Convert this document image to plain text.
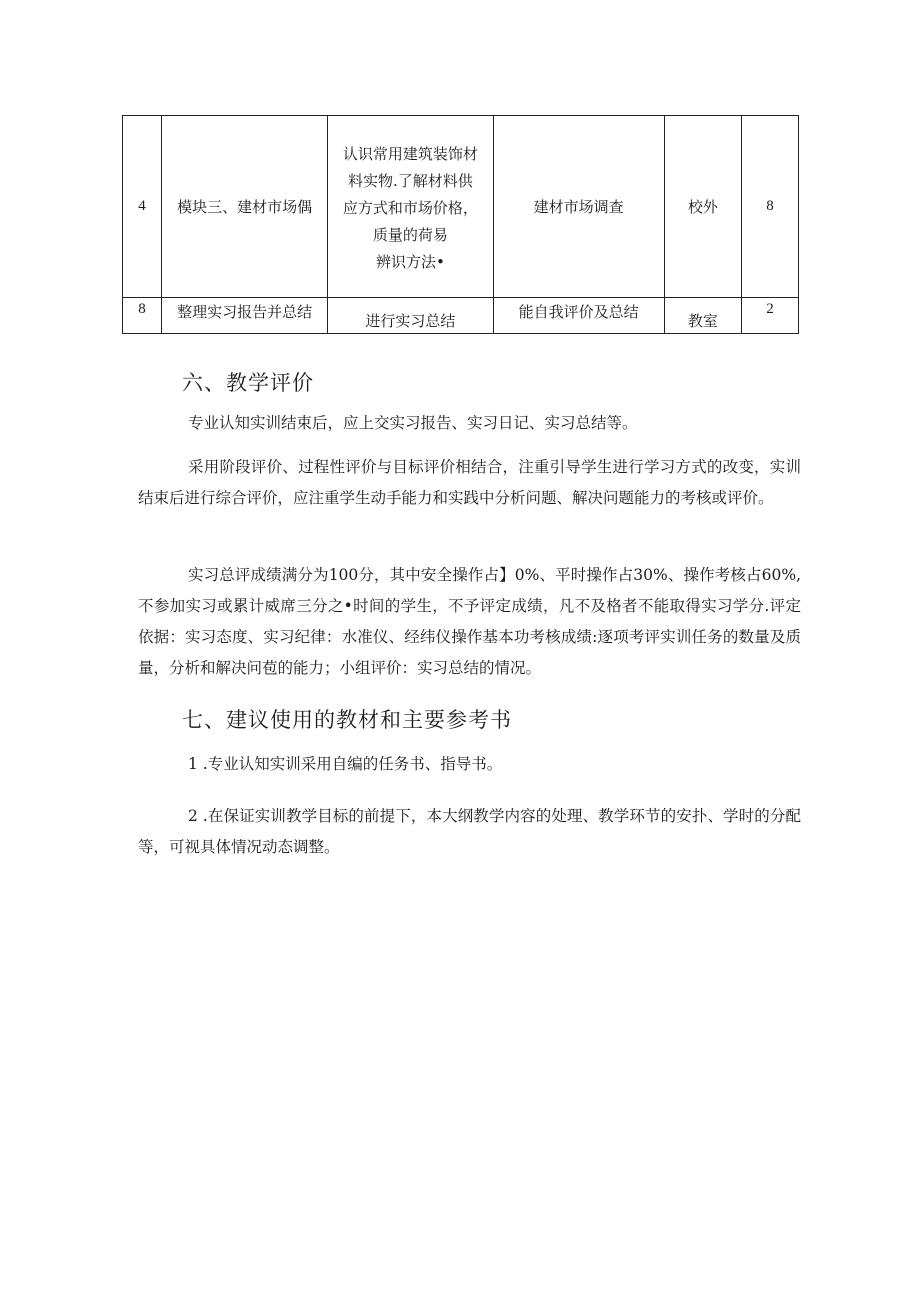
4	模块三、建材市场偶	认识常用建筑装饰材
料实物.了解材料供
应方式和市场价格，
质量的荷易
辨识方法•	建材市场调查	校外	8
8	整理实习报告并总结	进行实习总结	能自我评价及总结	教室	2
六、教学评价

专业认知实训结束后，应上交实习报告、实习日记、实习总结等。

采用阶段评价、过程性评价与目标评价相结合，注重引导学生进行学习方式的改变，实训结束后进行综合评价，应注重学生动手能力和实践中分析问题、解决问题能力的考核或评价。

实习总评成绩满分为100分，其中安全操作占】0%、平时操作占30%、操作考核占60%,不参加实习或累计威席三分之•时间的学生，不予评定成绩，凡不及格者不能取得实习学分.评定依据：实习态度、实习纪律：水准仪、经纬仪操作基本功考核成绩:逐项考评实训任务的数量及质量，分析和解决问苞的能力；小组评价：实习总结的情况。

七、建议使用的教材和主要参考书

1 .专业认知实训采用自编的任务书、指导书。

2 .在保证实训教学目标的前提下，本大纲教学内容的处理、教学环节的安扑、学时的分配等，可视具体情况动态调整。
